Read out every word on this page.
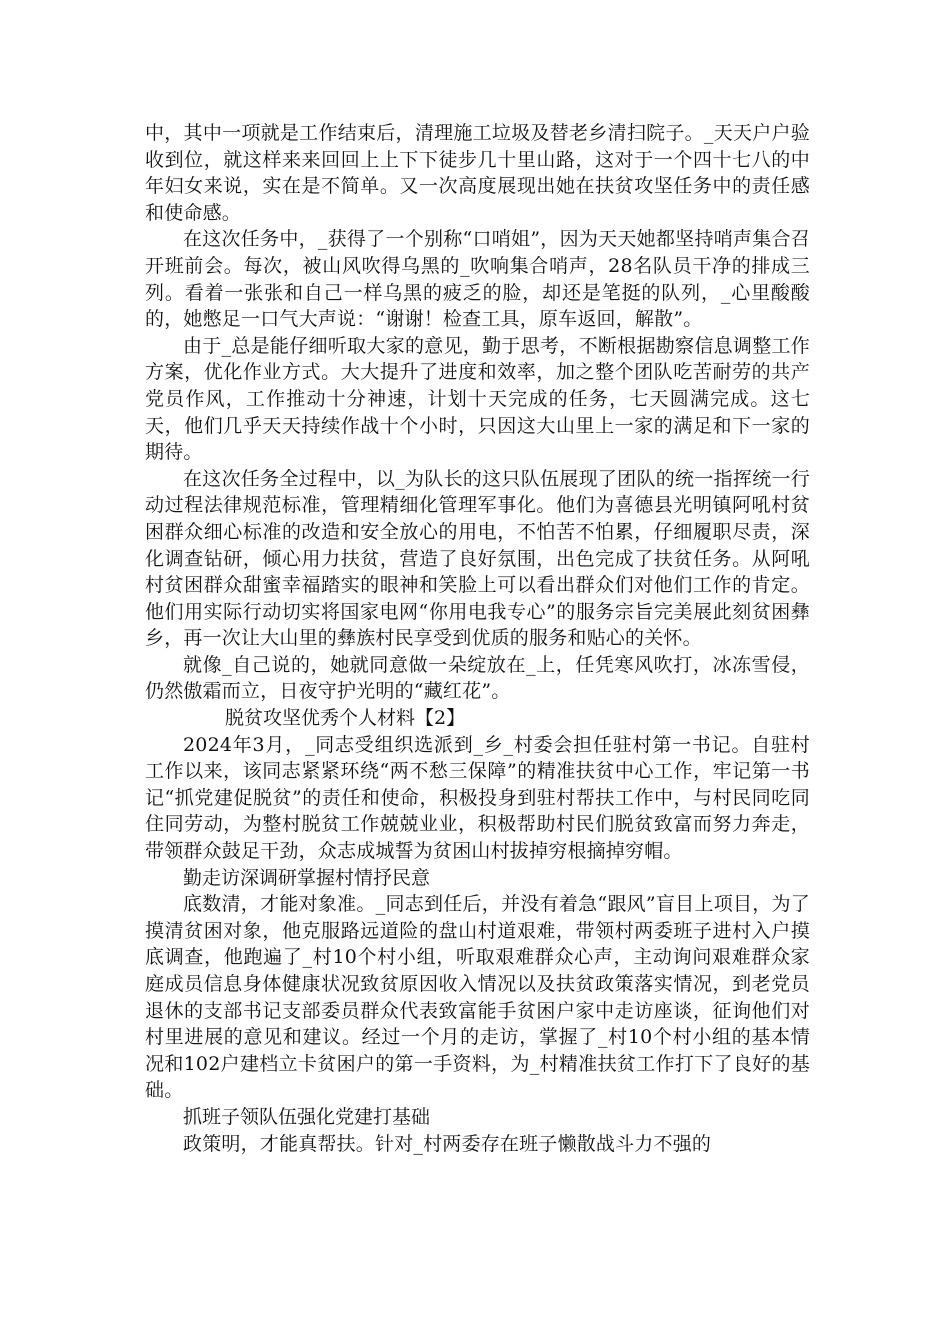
中，其中一项就是工作结束后，清理施工垃圾及替老乡清扫院子。_天天户户验收到位，就这样来来回回上上下下徒步几十里山路，这对于一个四十七八的中年妇女来说，实在是不简单。又一次高度展现出她在扶贫攻坚任务中的责任感和使命感。

在这次任务中，_获得了一个别称“口哨姐”，因为天天她都坚持哨声集合召开班前会。每次，被山风吹得乌黑的_吹响集合哨声，28名队员干净的排成三列。看着一张张和自己一样乌黑的疲乏的脸，却还是笔挺的队列，_心里酸酸的，她憋足一口气大声说：“谢谢！检查工具，原车返回，解散”。

由于_总是能仔细听取大家的意见，勤于思考，不断根据勘察信息调整工作方案，优化作业方式。大大提升了进度和效率，加之整个团队吃苦耐劳的共产党员作风，工作推动十分神速，计划十天完成的任务，七天圆满完成。这七天，他们几乎天天持续作战十个小时，只因这大山里上一家的满足和下一家的期待。

在这次任务全过程中，以_为队长的这只队伍展现了团队的统一指挥统一行动过程法律规范标准，管理精细化管理军事化。他们为喜德县光明镇阿吼村贫困群众细心标准的改造和安全放心的用电，不怕苦不怕累，仔细履职尽责，深化调查钻研，倾心用力扶贫，营造了良好氛围，出色完成了扶贫任务。从阿吼村贫困群众甜蜜幸福踏实的眼神和笑脸上可以看出群众们对他们工作的肯定。他们用实际行动切实将国家电网“你用电我专心”的服务宗旨完美展此刻贫困彝乡，再一次让大山里的彝族村民享受到优质的服务和贴心的关怀。

就像_自己说的，她就同意做一朵绽放在_上，任凭寒风吹打，冰冻雪侵，仍然傲霜而立，日夜守护光明的“藏红花”。

脱贫攻坚优秀个人材料【2】

2024年3月，_同志受组织选派到_乡_村委会担任驻村第一书记。自驻村工作以来，该同志紧紧环绕“两不愁三保障”的精准扶贫中心工作，牢记第一书记“抓党建促脱贫”的责任和使命，积极投身到驻村帮扶工作中，与村民同吃同住同劳动，为整村脱贫工作兢兢业业，积极帮助村民们脱贫致富而努力奔走，带领群众鼓足干劲，众志成城誓为贫困山村拔掉穷根摘掉穷帽。

勤走访深调研掌握村情抒民意

底数清，才能对象准。_同志到任后，并没有着急“跟风”盲目上项目，为了摸清贫困对象，他克服路远道险的盘山村道艰难，带领村两委班子进村入户摸底调查，他跑遍了_村10个村小组，听取艰难群众心声，主动询问艰难群众家庭成员信息身体健康状况致贫原因收入情况以及扶贫政策落实情况，到老党员退休的支部书记支部委员群众代表致富能手贫困户家中走访座谈，征询他们对村里进展的意见和建议。经过一个月的走访，掌握了_村10个村小组的基本情况和102户建档立卡贫困户的第一手资料，为_村精准扶贫工作打下了良好的基础。

抓班子领队伍强化党建打基础

政策明，才能真帮扶。针对_村两委存在班子懒散战斗力不强的
